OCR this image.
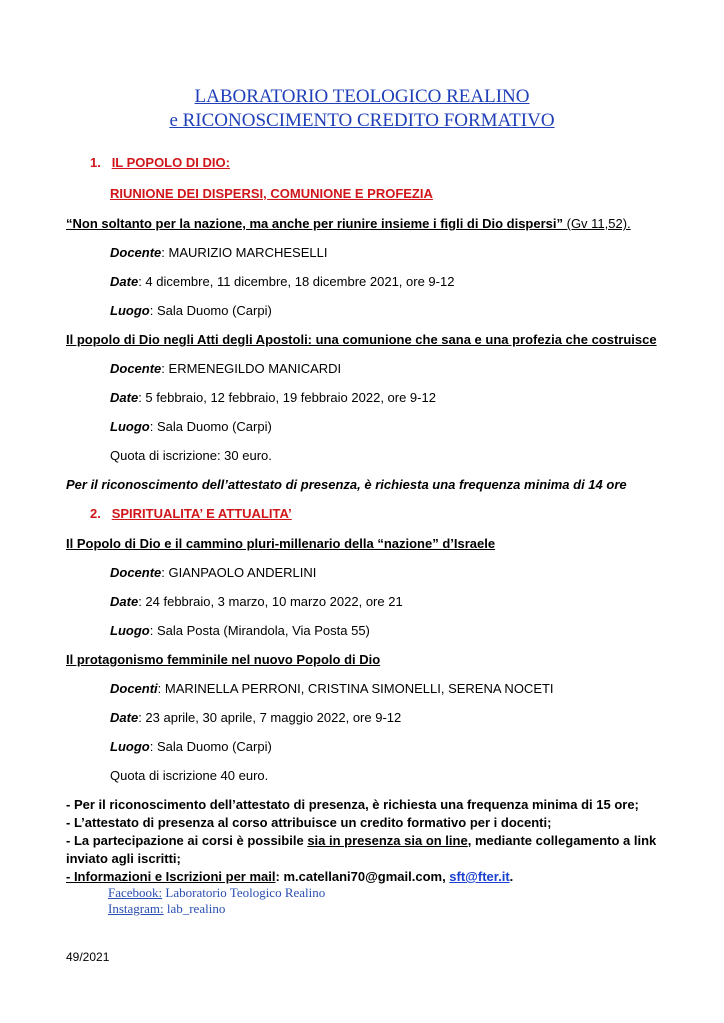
LABORATORIO TEOLOGICO REALINO
e RICONOSCIMENTO CREDITO FORMATIVO
1. IL POPOLO DI DIO:
RIUNIONE DEI DISPERSI, COMUNIONE E PROFEZIA
“Non soltanto per la nazione, ma anche per riunire insieme i figli di Dio dispersi” (Gv 11,52).
Docente: MAURIZIO MARCHESELLI
Date: 4 dicembre, 11 dicembre, 18 dicembre 2021, ore 9-12
Luogo: Sala Duomo (Carpi)
Il popolo di Dio negli Atti degli Apostoli: una comunione che sana e una profezia che costruisce
Docente: ERMENEGILDO MANICARDI
Date: 5 febbraio, 12 febbraio, 19 febbraio 2022, ore 9-12
Luogo: Sala Duomo (Carpi)
Quota di iscrizione: 30 euro.
Per il riconoscimento dell’attestato di presenza, è richiesta una frequenza minima di 14 ore
2. SPIRITUALITA’ E ATTUALITA’
Il Popolo di Dio e il cammino pluri-millenario della “nazione” d’Israele
Docente: GIANPAOLO ANDERLINI
Date: 24 febbraio, 3 marzo, 10 marzo 2022, ore 21
Luogo: Sala Posta (Mirandola, Via Posta 55)
Il protagonismo femminile nel nuovo Popolo di Dio
Docenti: MARINELLA PERRONI, CRISTINA SIMONELLI, SERENA NOCETI
Date: 23 aprile, 30 aprile, 7 maggio 2022, ore 9-12
Luogo: Sala Duomo (Carpi)
Quota di iscrizione 40 euro.
- Per il riconoscimento dell’attestato di presenza, è richiesta una frequenza minima di 15 ore;
- L’attestato di presenza al corso attribuisce un credito formativo per i docenti;
- La partecipazione ai corsi è possibile sia in presenza sia on line, mediante collegamento a link
inviato agli iscritti;
- Informazioni e Iscrizioni per mail: m.catellani70@gmail.com, sft@fter.it.
Facebook: Laboratorio Teologico Realino
Instagram: lab_realino
49/2021
